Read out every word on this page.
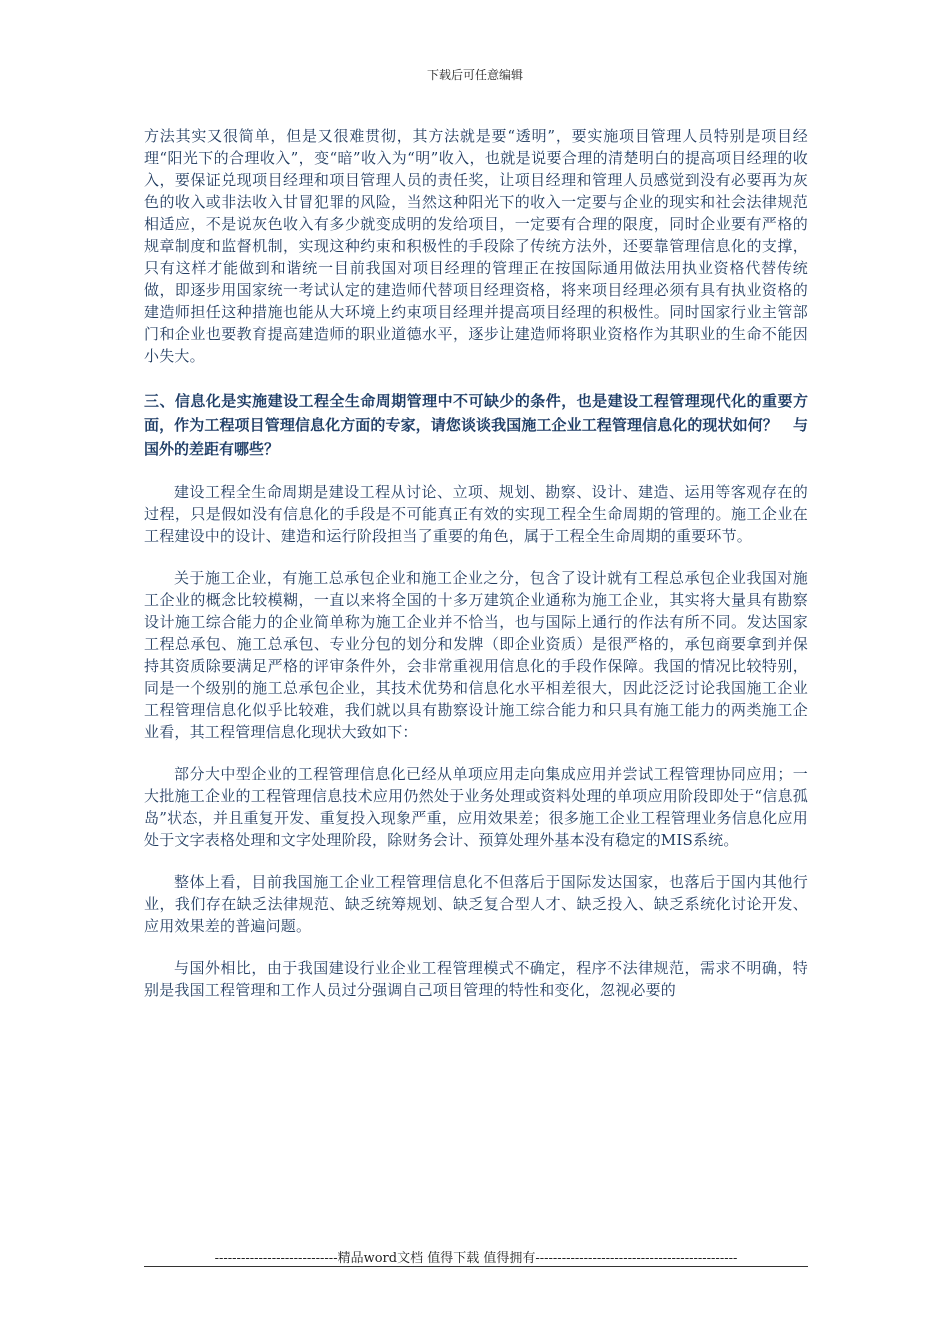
下载后可任意编辑

方法其实又很简单，但是又很难贯彻，其方法就是要“透明”，要实施项目管理人员特别是项目经理“阳光下的合理收入”，变“暗”收入为“明”收入，也就是说要合理的清楚明白的提高项目经理的收入，要保证兑现项目经理和项目管理人员的责任奖，让项目经理和管理人员感觉到没有必要再为灰色的收入或非法收入甘冒犯罪的风险，当然这种阳光下的收入一定要与企业的现实和社会法律规范相适应，不是说灰色收入有多少就变成明的发给项目，一定要有合理的限度，同时企业要有严格的规章制度和监督机制，实现这种约束和积极性的手段除了传统方法外，还要靠管理信息化的支撑，只有这样才能做到和谐统一目前我国对项目经理的管理正在按国际通用做法用执业资格代替传统做，即逐步用国家统一考试认定的建造师代替项目经理资格，将来项目经理必须有具有执业资格的建造师担任这种措施也能从大环境上约束项目经理并提高项目经理的积极性。同时国家行业主管部门和企业也要教育提高建造师的职业道德水平，逐步让建造师将职业资格作为其职业的生命不能因小失大。

三、信息化是实施建设工程全生命周期管理中不可缺少的条件，也是建设工程管理现代化的重要方面，作为工程项目管理信息化方面的专家，请您谈谈我国施工企业工程管理信息化的现状如何？　与国外的差距有哪些？

建设工程全生命周期是建设工程从讨论、立项、规划、勘察、设计、建造、运用等客观存在的过程，只是假如没有信息化的手段是不可能真正有效的实现工程全生命周期的管理的。施工企业在工程建设中的设计、建造和运行阶段担当了重要的角色，属于工程全生命周期的重要环节。

关于施工企业，有施工总承包企业和施工企业之分，包含了设计就有工程总承包企业我国对施工企业的概念比较模糊，一直以来将全国的十多万建筑企业通称为施工企业，其实将大量具有勘察设计施工综合能力的企业简单称为施工企业并不恰当，也与国际上通行的作法有所不同。发达国家工程总承包、施工总承包、专业分包的划分和发牌（即企业资质）是很严格的，承包商要拿到并保持其资质除要满足严格的评审条件外，会非常重视用信息化的手段作保障。我国的情况比较特别，同是一个级别的施工总承包企业，其技术优势和信息化水平相差很大，因此泛泛讨论我国施工企业工程管理信息化似乎比较难，我们就以具有勘察设计施工综合能力和只具有施工能力的两类施工企业看，其工程管理信息化现状大致如下：

部分大中型企业的工程管理信息化已经从单项应用走向集成应用并尝试工程管理协同应用；一大批施工企业的工程管理信息技术应用仍然处于业务处理或资料处理的单项应用阶段即处于“信息孤岛”状态，并且重复开发、重复投入现象严重，应用效果差；很多施工企业工程管理业务信息化应用处于文字表格处理和文字处理阶段，除财务会计、预算处理外基本没有稳定的MIS系统。

整体上看，目前我国施工企业工程管理信息化不但落后于国际发达国家，也落后于国内其他行业，我们存在缺乏法律规范、缺乏统筹规划、缺乏复合型人才、缺乏投入、缺乏系统化讨论开发、应用效果差的普遍问题。

与国外相比，由于我国建设行业企业工程管理模式不确定，程序不法律规范，需求不明确，特别是我国工程管理和工作人员过分强调自己项目管理的特性和变化，忽视必要的

----------------------------精品word文档 值得下载 值得拥有----------------------------------------------
